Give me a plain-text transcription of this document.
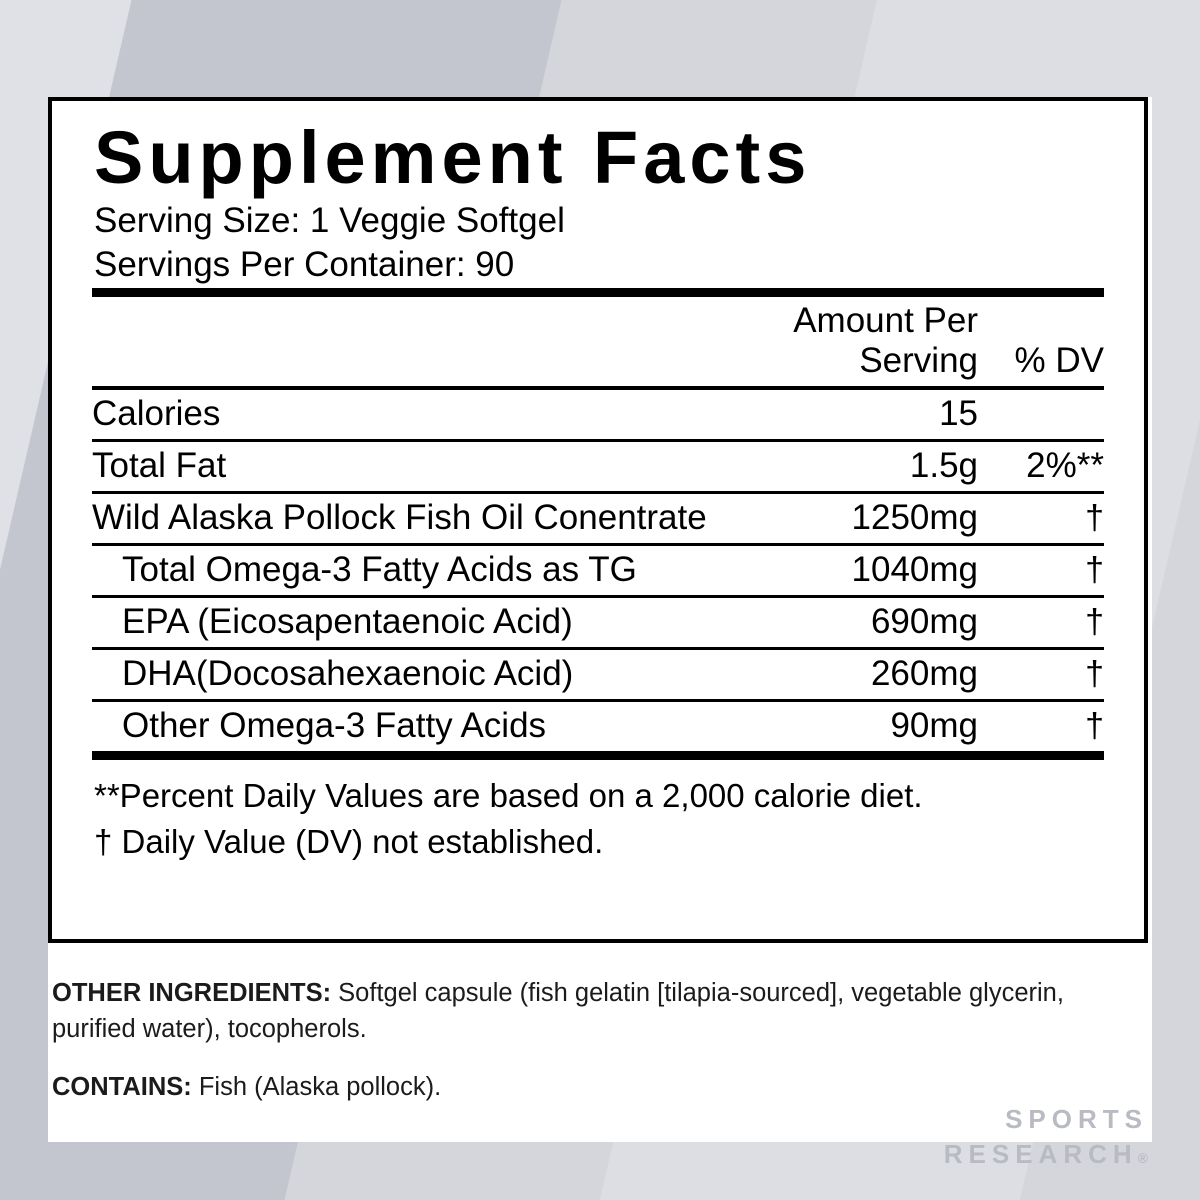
Supplement Facts
Serving Size: 1 Veggie Softgel
Servings Per Container: 90
	Amount Per Serving	% DV
Calories	15	
Total Fat	1.5g	2%**
Wild Alaska Pollock Fish Oil Conentrate	1250mg	†
Total Omega-3 Fatty Acids as TG	1040mg	†
EPA (Eicosapentaenoic Acid)	690mg	†
DHA(Docosahexaenoic Acid)	260mg	†
Other Omega-3 Fatty Acids	90mg	†
**Percent Daily Values are based on a 2,000 calorie diet.
† Daily Value (DV) not established.
OTHER INGREDIENTS: Softgel capsule (fish gelatin [tilapia-sourced], vegetable glycerin, purified water), tocopherols.
CONTAINS: Fish (Alaska pollock).
SPORTS
RESEARCH®
